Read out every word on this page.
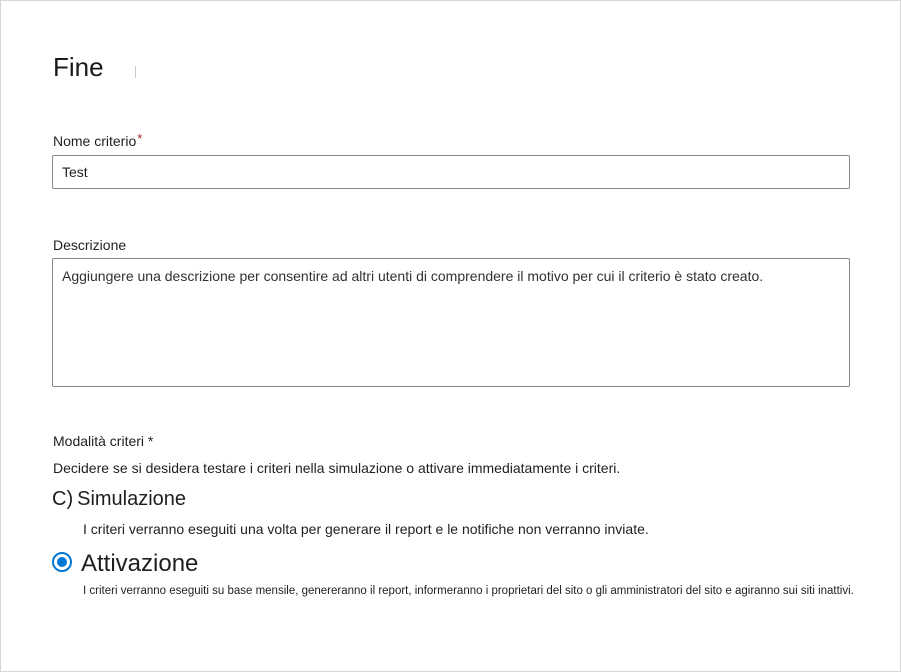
Fine
Nome criterio*
Test
Descrizione
Aggiungere una descrizione per consentire ad altri utenti di comprendere il motivo per cui il criterio è stato creato.
Modalità criteri *
Decidere se si desidera testare i criteri nella simulazione o attivare immediatamente i criteri.
C) Simulazione
I criteri verranno eseguiti una volta per generare il report e le notifiche non verranno inviate.
Attivazione
I criteri verranno eseguiti su base mensile, genereranno il report, informeranno i proprietari del sito o gli amministratori del sito e agiranno sui siti inattivi.
